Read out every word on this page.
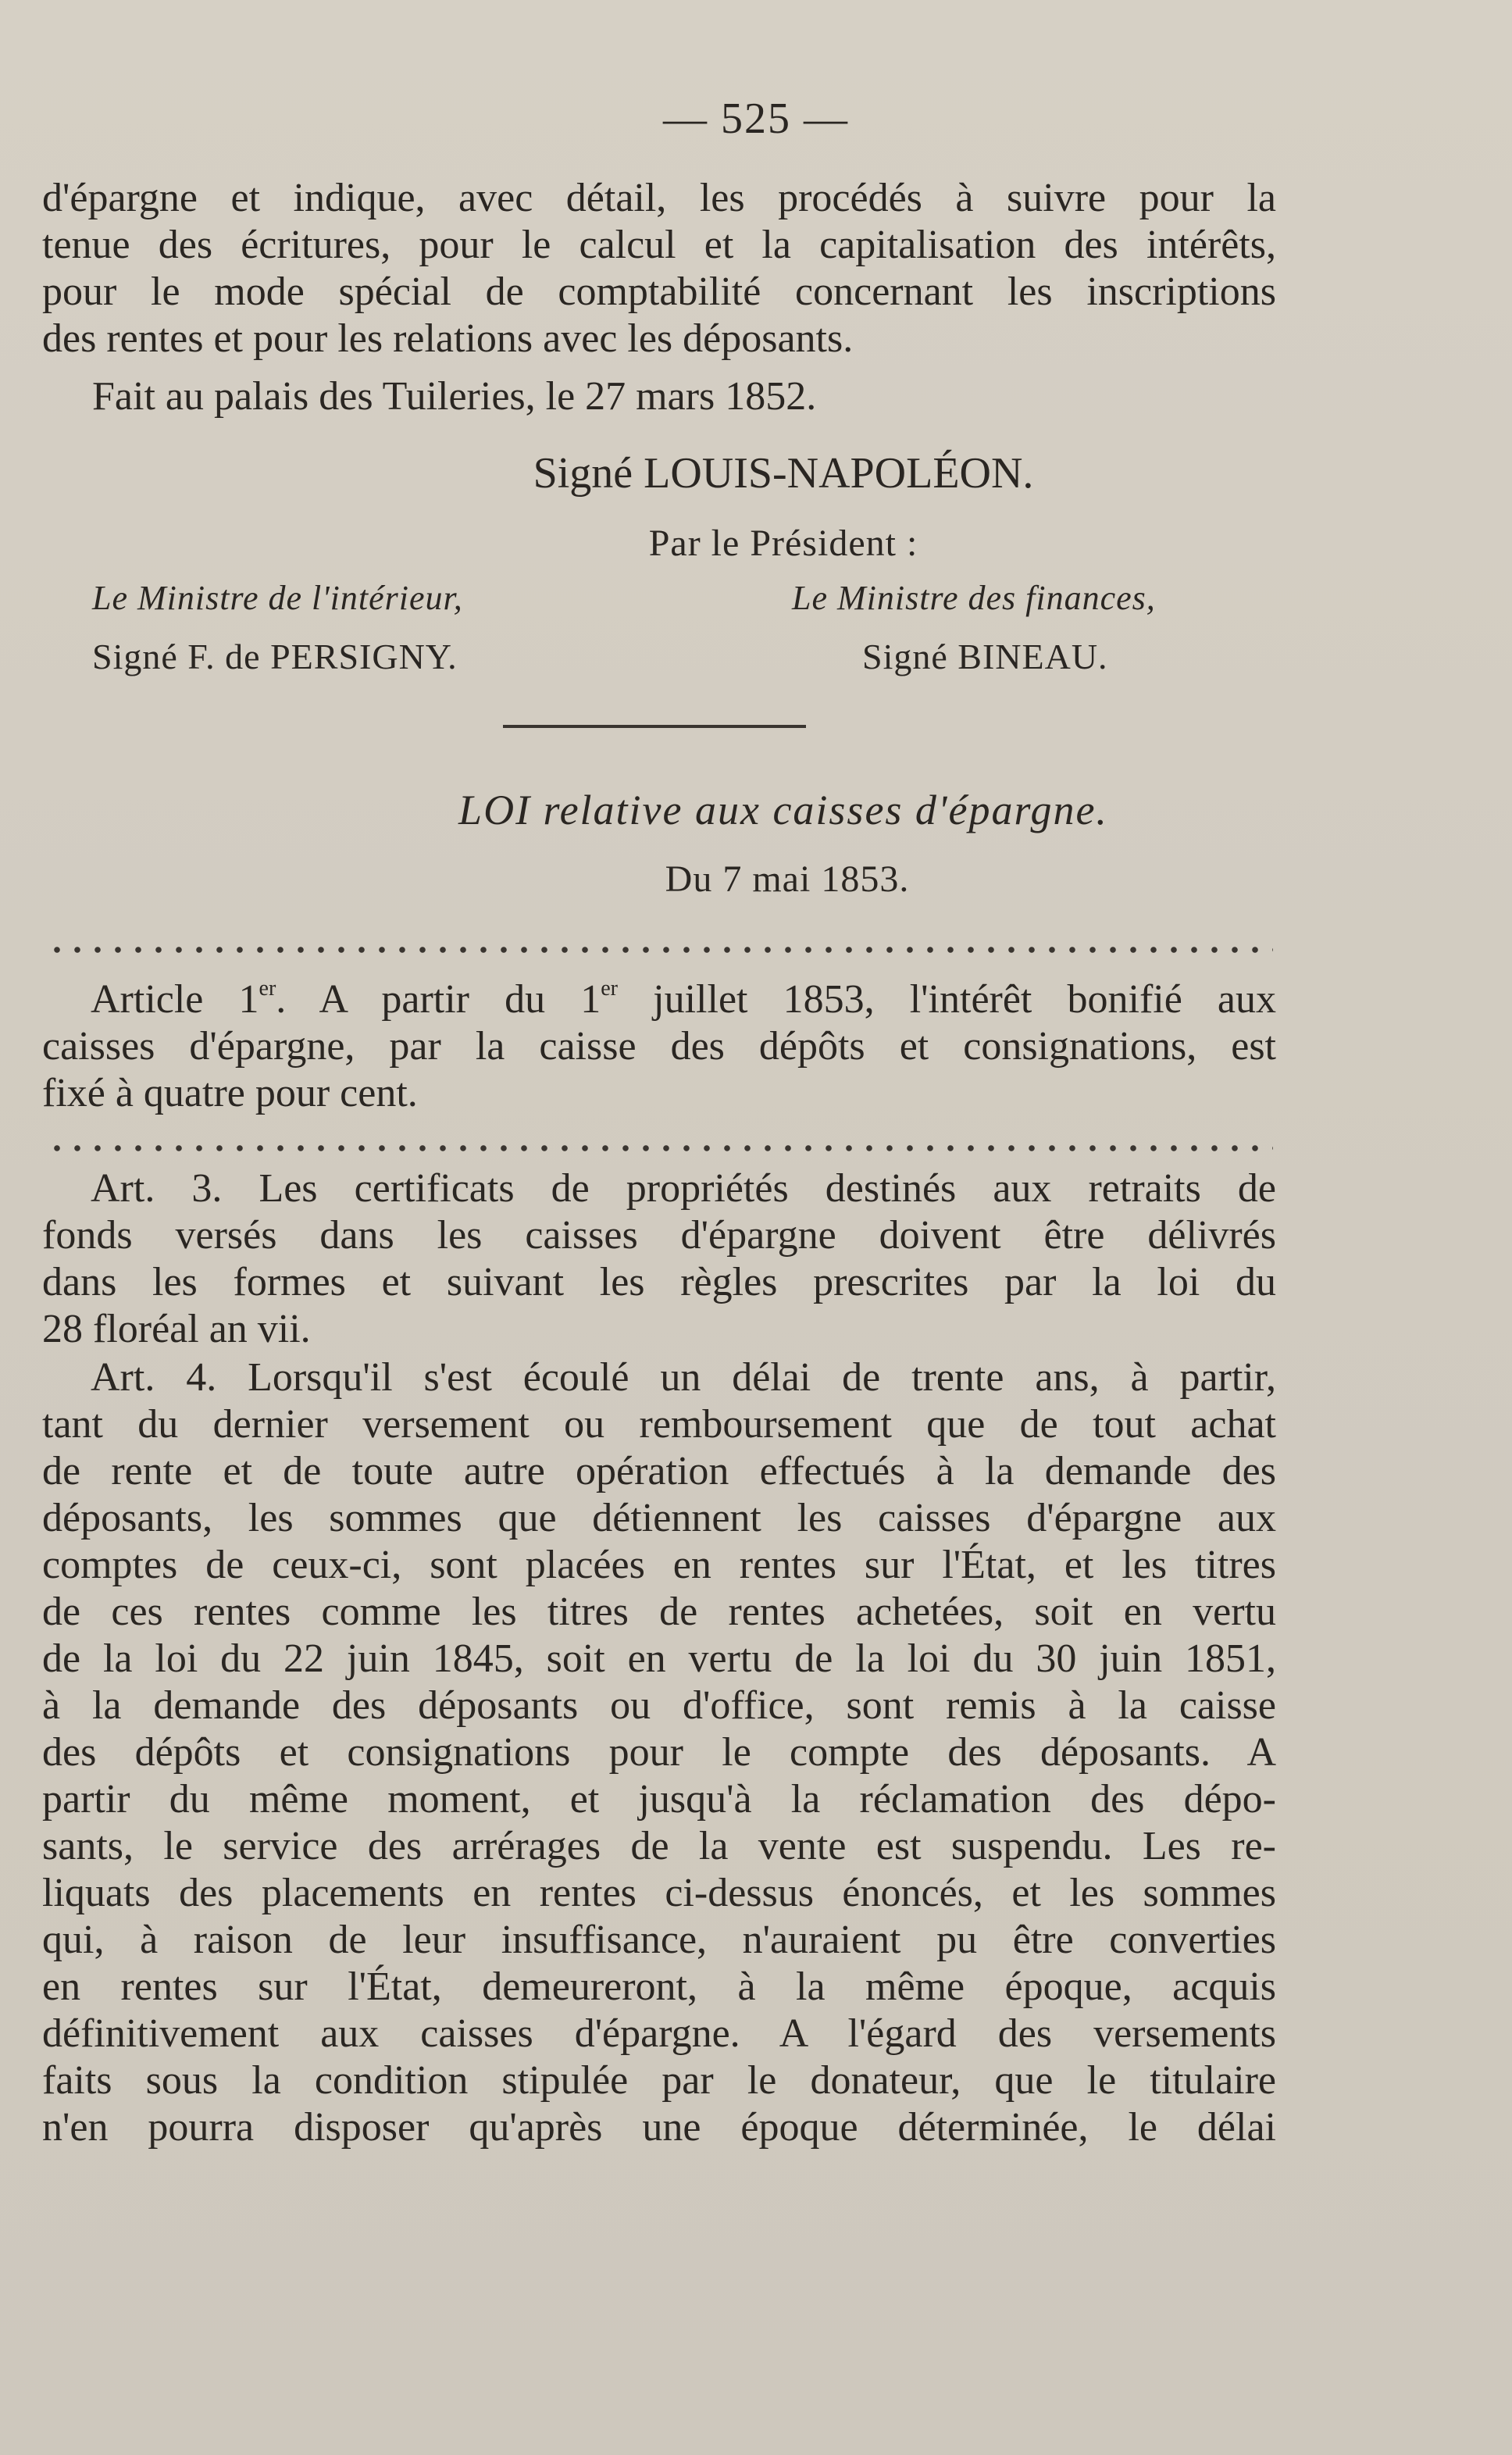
— 525 —

d'épargne et indique, avec détail, les procédés à suivre pour la

tenue des écritures, pour le calcul et la capitalisation des intérêts,

pour le mode spécial de comptabilité concernant les inscriptions

des rentes et pour les relations avec les déposants.

Fait au palais des Tuileries, le 27 mars 1852.

Signé LOUIS-NAPOLÉON.

Par le Président :

Le Ministre de l'intérieur,	Le Ministre des finances,

Signé F. de PERSIGNY.	Signé BINEAU.

LOI relative aux caisses d'épargne.

Du 7 mai 1853.

Article 1er. A partir du 1er juillet 1853, l'intérêt bonifié aux

caisses d'épargne, par la caisse des dépôts et consignations, est

fixé à quatre pour cent.

Art. 3. Les certificats de propriétés destinés aux retraits de

fonds versés dans les caisses d'épargne doivent être délivrés

dans les formes et suivant les règles prescrites par la loi du

28 floréal an vii.

Art. 4. Lorsqu'il s'est écoulé un délai de trente ans, à partir,

tant du dernier versement ou remboursement que de tout achat

de rente et de toute autre opération effectués à la demande des

déposants, les sommes que détiennent les caisses d'épargne aux

comptes de ceux-ci, sont placées en rentes sur l'État, et les titres

de ces rentes comme les titres de rentes achetées, soit en vertu

de la loi du 22 juin 1845, soit en vertu de la loi du 30 juin 1851,

à la demande des déposants ou d'office, sont remis à la caisse

des dépôts et consignations pour le compte des déposants. A

partir du même moment, et jusqu'à la réclamation des dépo-

sants, le service des arrérages de la vente est suspendu. Les re-

liquats des placements en rentes ci-dessus énoncés, et les sommes

qui, à raison de leur insuffisance, n'auraient pu être converties

en rentes sur l'État, demeureront, à la même époque, acquis

définitivement aux caisses d'épargne. A l'égard des versements

faits sous la condition stipulée par le donateur, que le titulaire

n'en pourra disposer qu'après une époque déterminée, le délai
